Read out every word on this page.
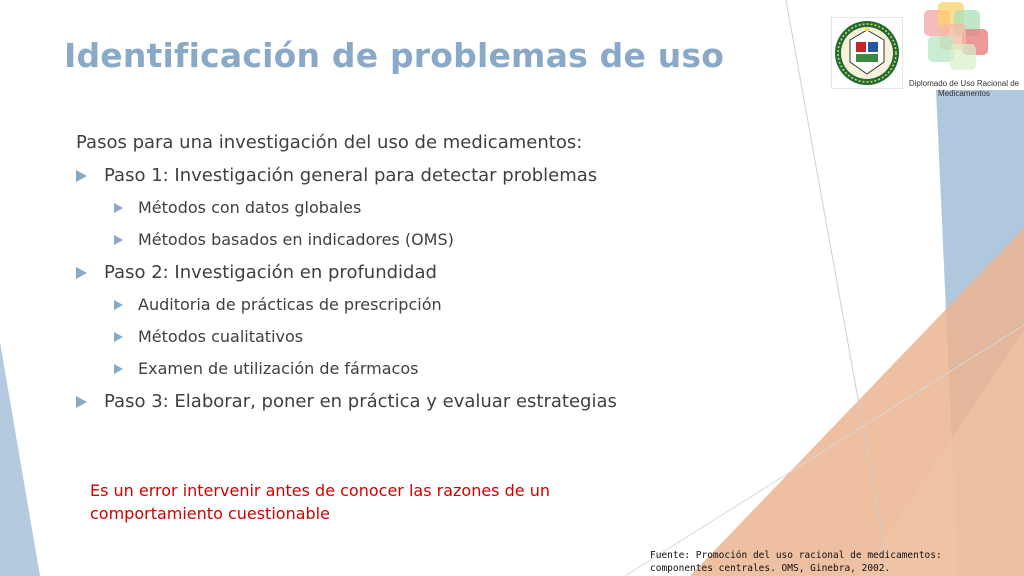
Identificación de problemas de uso

Pasos para una investigación del uso de medicamentos:

Paso 1: Investigación general para detectar problemas
Métodos con datos globales
Métodos basados en indicadores (OMS)
Paso 2: Investigación en profundidad
Auditoria de prácticas de prescripción
Métodos cualitativos
Examen de utilización de fármacos
Paso 3: Elaborar, poner en práctica y evaluar estrategias
Es un error intervenir antes de conocer las razones de un comportamiento cuestionable
Fuente: Promoción del uso racional de medicamentos: componentes centrales. OMS, Ginebra, 2002.
Diplomado de Uso Racional de Medicamentos
